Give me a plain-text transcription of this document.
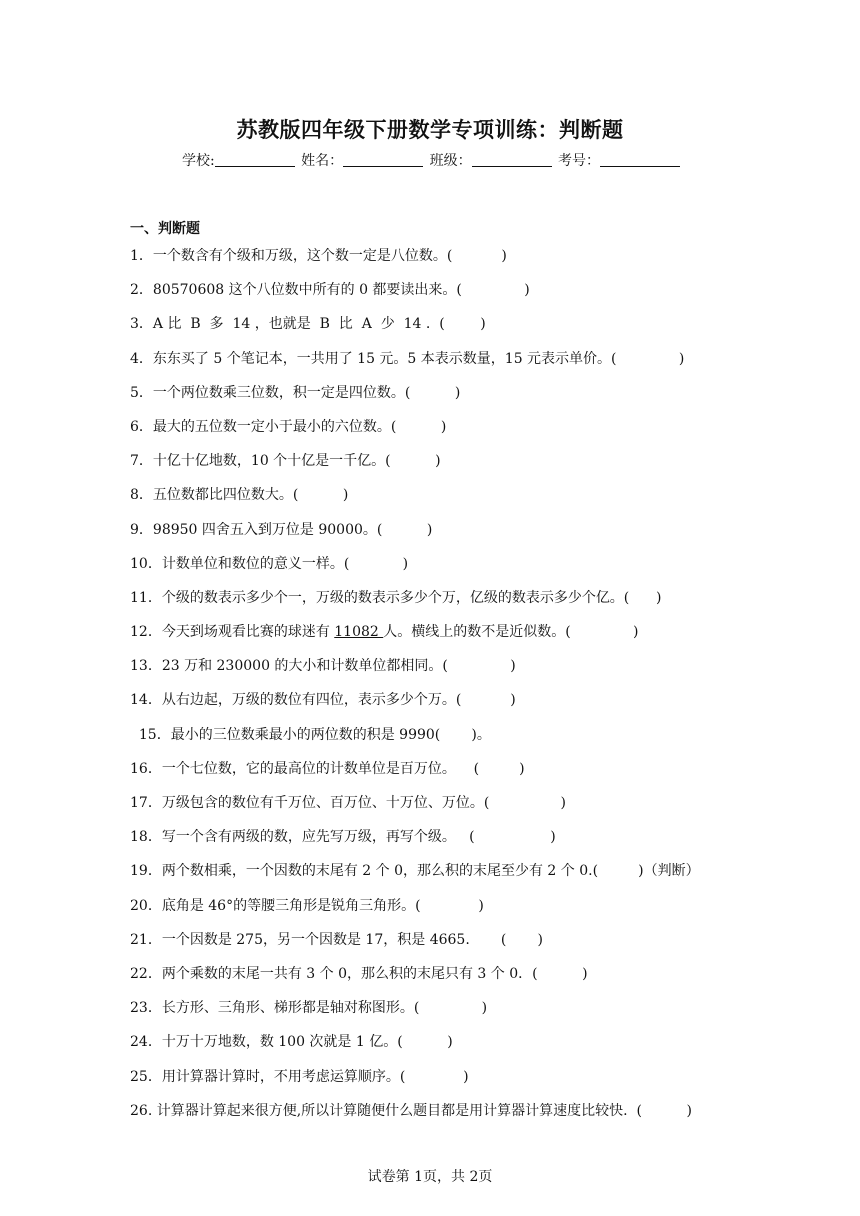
苏教版四年级下册数学专项训练：判断题
学校:	姓名：	班级：	考号：
一、判断题
1．一个数含有个级和万级，这个数一定是八位数。(           )
2．80570608 这个八位数中所有的 0 都要读出来。(              )
3．A 比  B  多  14 ，也就是  B  比  A  少  14 .  (        )
4．东东买了 5 个笔记本，一共用了 15 元。5 本表示数量，15 元表示单价。(              )
5．一个两位数乘三位数，积一定是四位数。(          )
6．最大的五位数一定小于最小的六位数。(          )
7．十亿十亿地数，10 个十亿是一千亿。(          )
8．五位数都比四位数大。(          )
9．98950 四舍五入到万位是 90000。(          )
10．计数单位和数位的意义一样。(            )
11．个级的数表示多少个一，万级的数表示多少个万，亿级的数表示多少个亿。(      )
12．今天到场观看比赛的球迷有 11082 人。横线上的数不是近似数。(              )
13．23 万和 230000 的大小和计数单位都相同。(              )
14．从右边起，万级的数位有四位，表示多少个万。(           )
15．最小的三位数乘最小的两位数的积是 9990(       )。
16．一个七位数，它的最高位的计数单位是百万位。    (         )
17．万级包含的数位有千万位、百万位、十万位、万位。(                )
18．写一个含有两级的数，应先写万级，再写个级。   (                 )
19．两个数相乘，一个因数的末尾有 2 个 0，那么积的末尾至少有 2 个 0.(         )（判断）
20．底角是 46°的等腰三角形是锐角三角形。(             )
21．一个因数是 275，另一个因数是 17，积是 4665.       (       )
22．两个乘数的末尾一共有 3 个 0，那么积的末尾只有 3 个 0．(          )
23．长方形、三角形、梯形都是轴对称图形。(              )
24．十万十万地数，数 100 次就是 1 亿。(          )
25．用计算器计算时，不用考虑运算顺序。(             )
26. 计算器计算起来很方便,所以计算随便什么题目都是用计算器计算速度比较快.  (          )
试卷第 1页，共 2页
